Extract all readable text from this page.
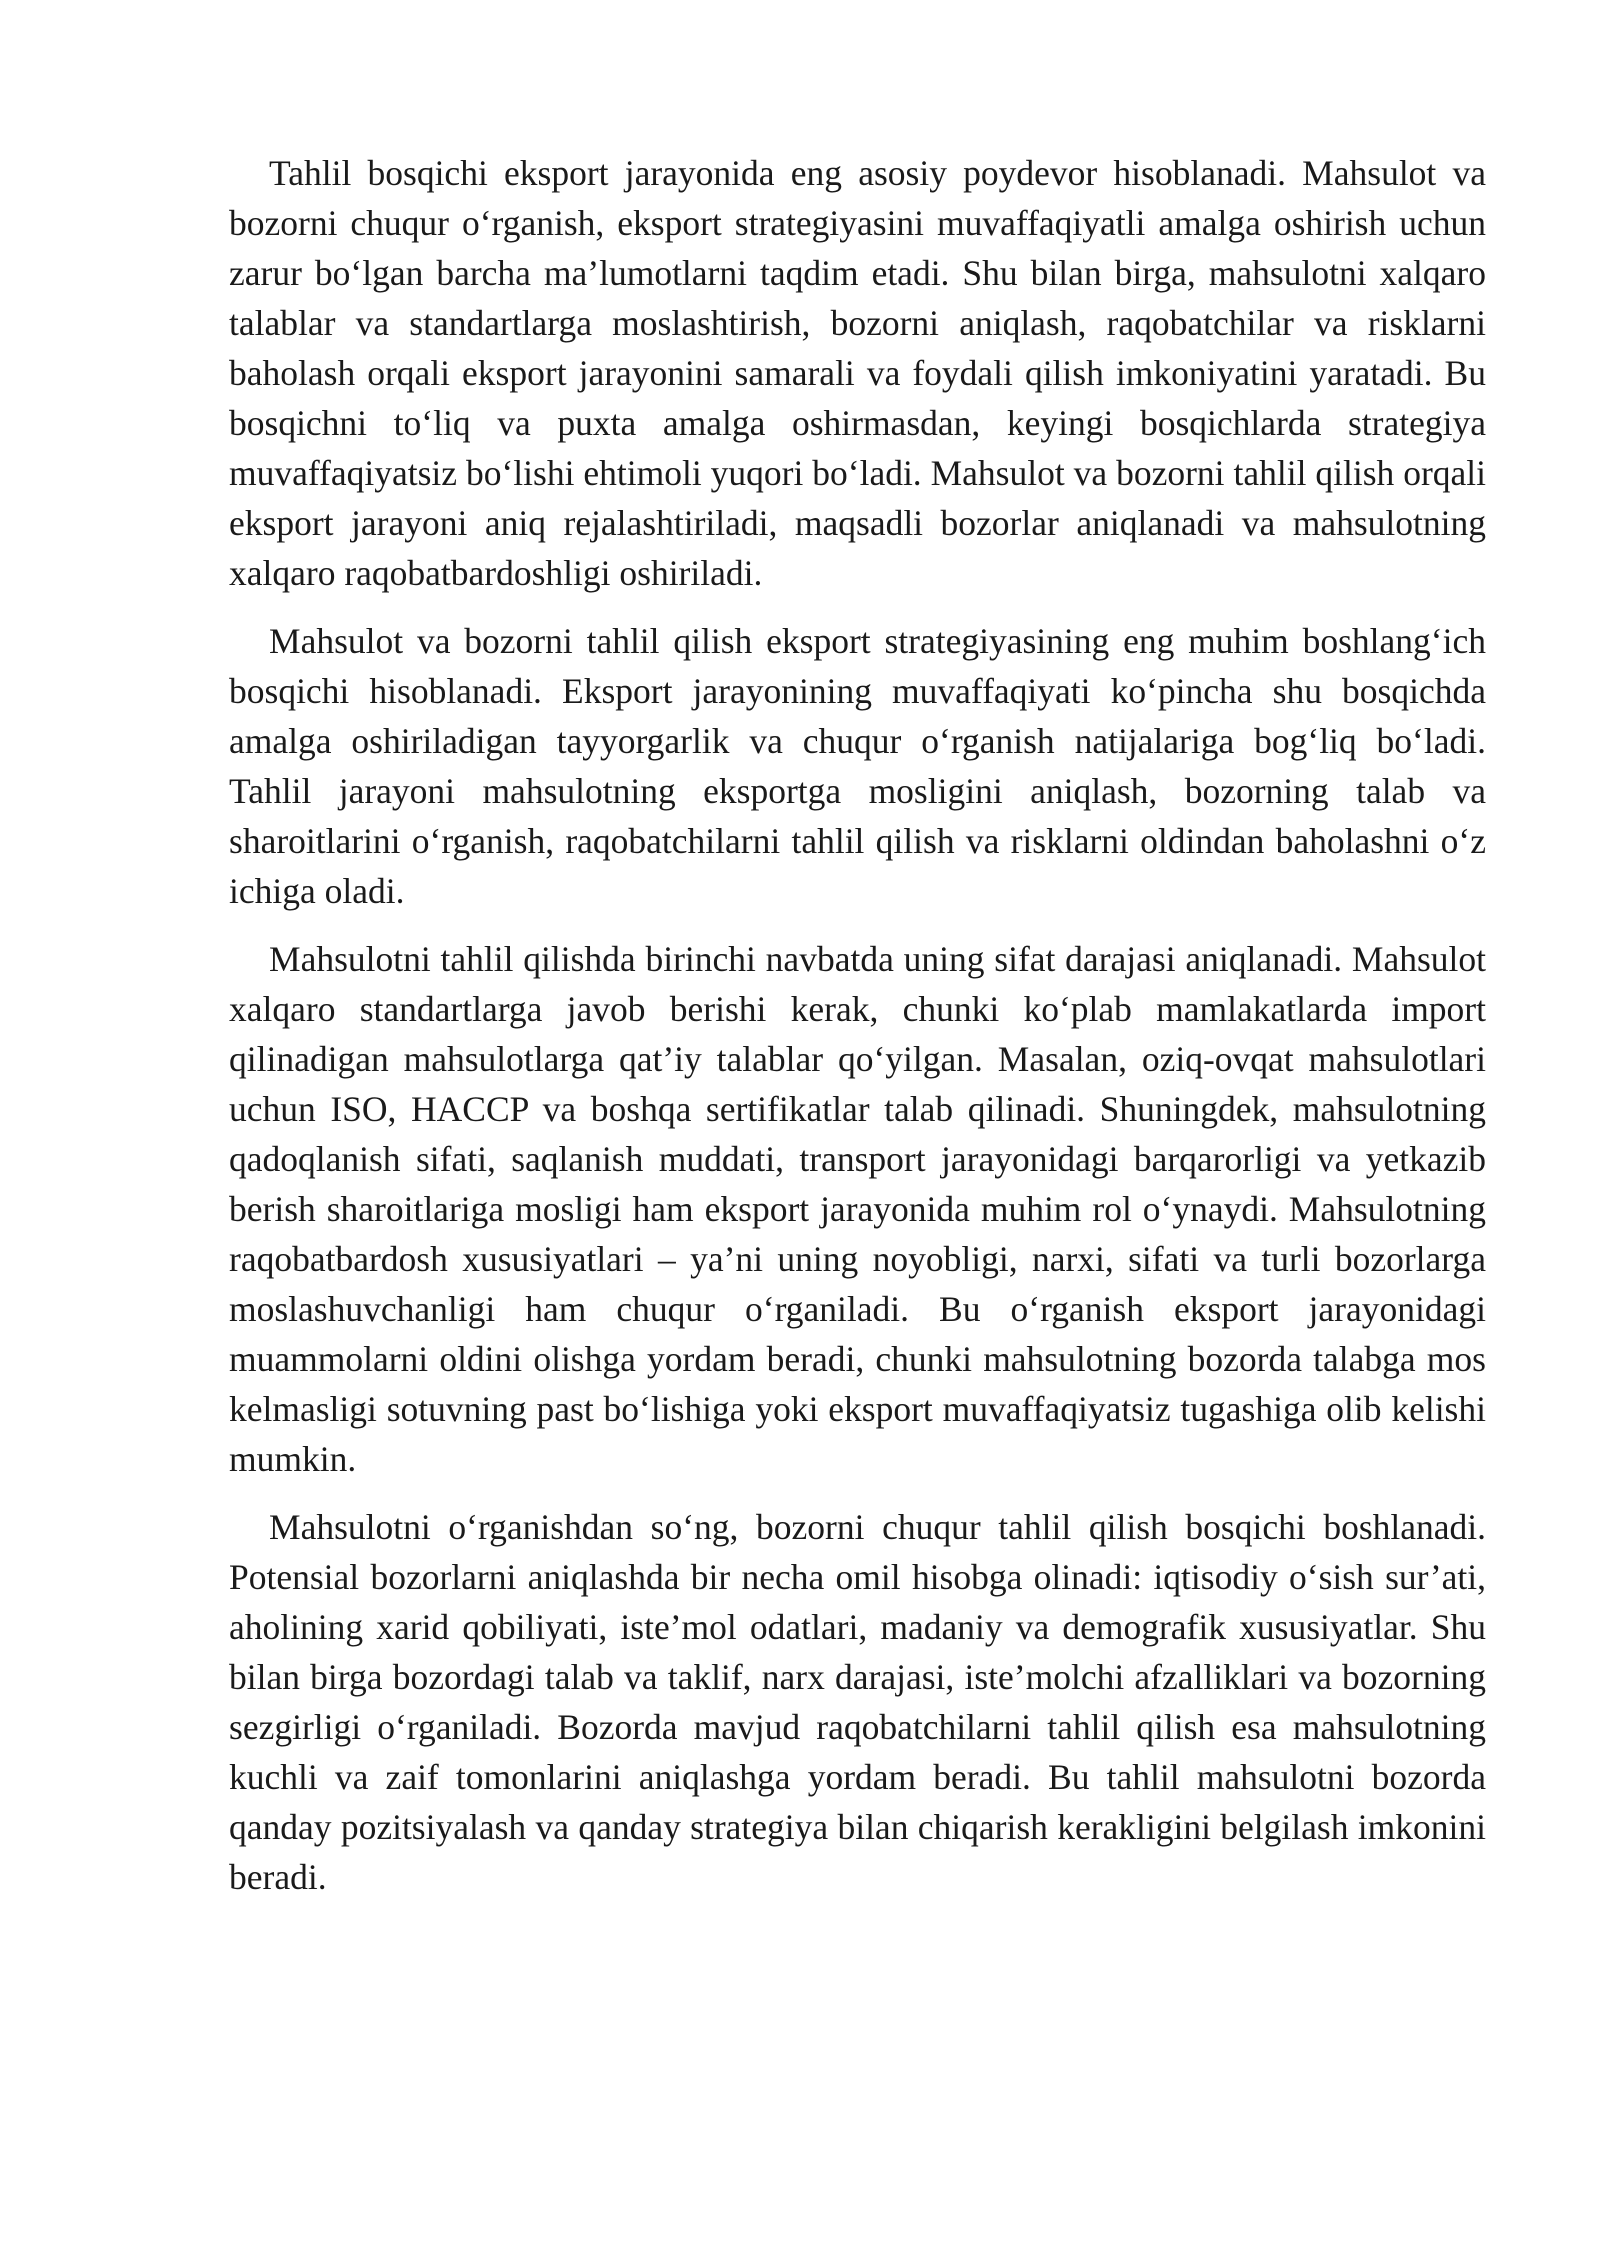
Tahlil bosqichi eksport jarayonida eng asosiy poydevor hisoblanadi. Mahsulot va bozorni chuqur o‘rganish, eksport strategiyasini muvaffaqiyatli amalga oshirish uchun zarur bo‘lgan barcha ma’lumotlarni taqdim etadi. Shu bilan birga, mahsulotni xalqaro talablar va standartlarga moslashtirish, bozorni aniqlash, raqobatchilar va risklarni baholash orqali eksport jarayonini samarali va foydali qilish imkoniyatini yaratadi. Bu bosqichni to‘liq va puxta amalga oshirmasdan, keyingi bosqichlarda strategiya muvaffaqiyatsiz bo‘lishi ehtimoli yuqori bo‘ladi. Mahsulot va bozorni tahlil qilish orqali eksport jarayoni aniq rejalashtiriladi, maqsadli bozorlar aniqlanadi va mahsulotning xalqaro raqobatbardoshligi oshiriladi.

Mahsulot va bozorni tahlil qilish eksport strategiyasining eng muhim boshlang‘ich bosqichi hisoblanadi. Eksport jarayonining muvaffaqiyati ko‘pincha shu bosqichda amalga oshiriladigan tayyorgarlik va chuqur o‘rganish natijalariga bog‘liq bo‘ladi. Tahlil jarayoni mahsulotning eksportga mosligini aniqlash, bozorning talab va sharoitlarini o‘rganish, raqobatchilarni tahlil qilish va risklarni oldindan baholashni o‘z ichiga oladi.

Mahsulotni tahlil qilishda birinchi navbatda uning sifat darajasi aniqlanadi. Mahsulot xalqaro standartlarga javob berishi kerak, chunki ko‘plab mamlakatlarda import qilinadigan mahsulotlarga qat’iy talablar qo‘yilgan. Masalan, oziq-ovqat mahsulotlari uchun ISO, HACCP va boshqa sertifikatlar talab qilinadi. Shuningdek, mahsulotning qadoqlanish sifati, saqlanish muddati, transport jarayonidagi barqarorligi va yetkazib berish sharoitlariga mosligi ham eksport jarayonida muhim rol o‘ynaydi. Mahsulotning raqobatbardosh xususiyatlari – ya’ni uning noyobligi, narxi, sifati va turli bozorlarga moslashuvchanligi ham chuqur o‘rganiladi. Bu o‘rganish eksport jarayonidagi muammolarni oldini olishga yordam beradi, chunki mahsulotning bozorda talabga mos kelmasligi sotuvning past bo‘lishiga yoki eksport muvaffaqiyatsiz tugashiga olib kelishi mumkin.

Mahsulotni o‘rganishdan so‘ng, bozorni chuqur tahlil qilish bosqichi boshlanadi. Potensial bozorlarni aniqlashda bir necha omil hisobga olinadi: iqtisodiy o‘sish sur’ati, aholining xarid qobiliyati, iste’mol odatlari, madaniy va demografik xususiyatlar. Shu bilan birga bozordagi talab va taklif, narx darajasi, iste’molchi afzalliklari va bozorning sezgirligi o‘rganiladi. Bozorda mavjud raqobatchilarni tahlil qilish esa mahsulotning kuchli va zaif tomonlarini aniqlashga yordam beradi. Bu tahlil mahsulotni bozorda qanday pozitsiyalash va qanday strategiya bilan chiqarish kerakligini belgilash imkonini beradi.
